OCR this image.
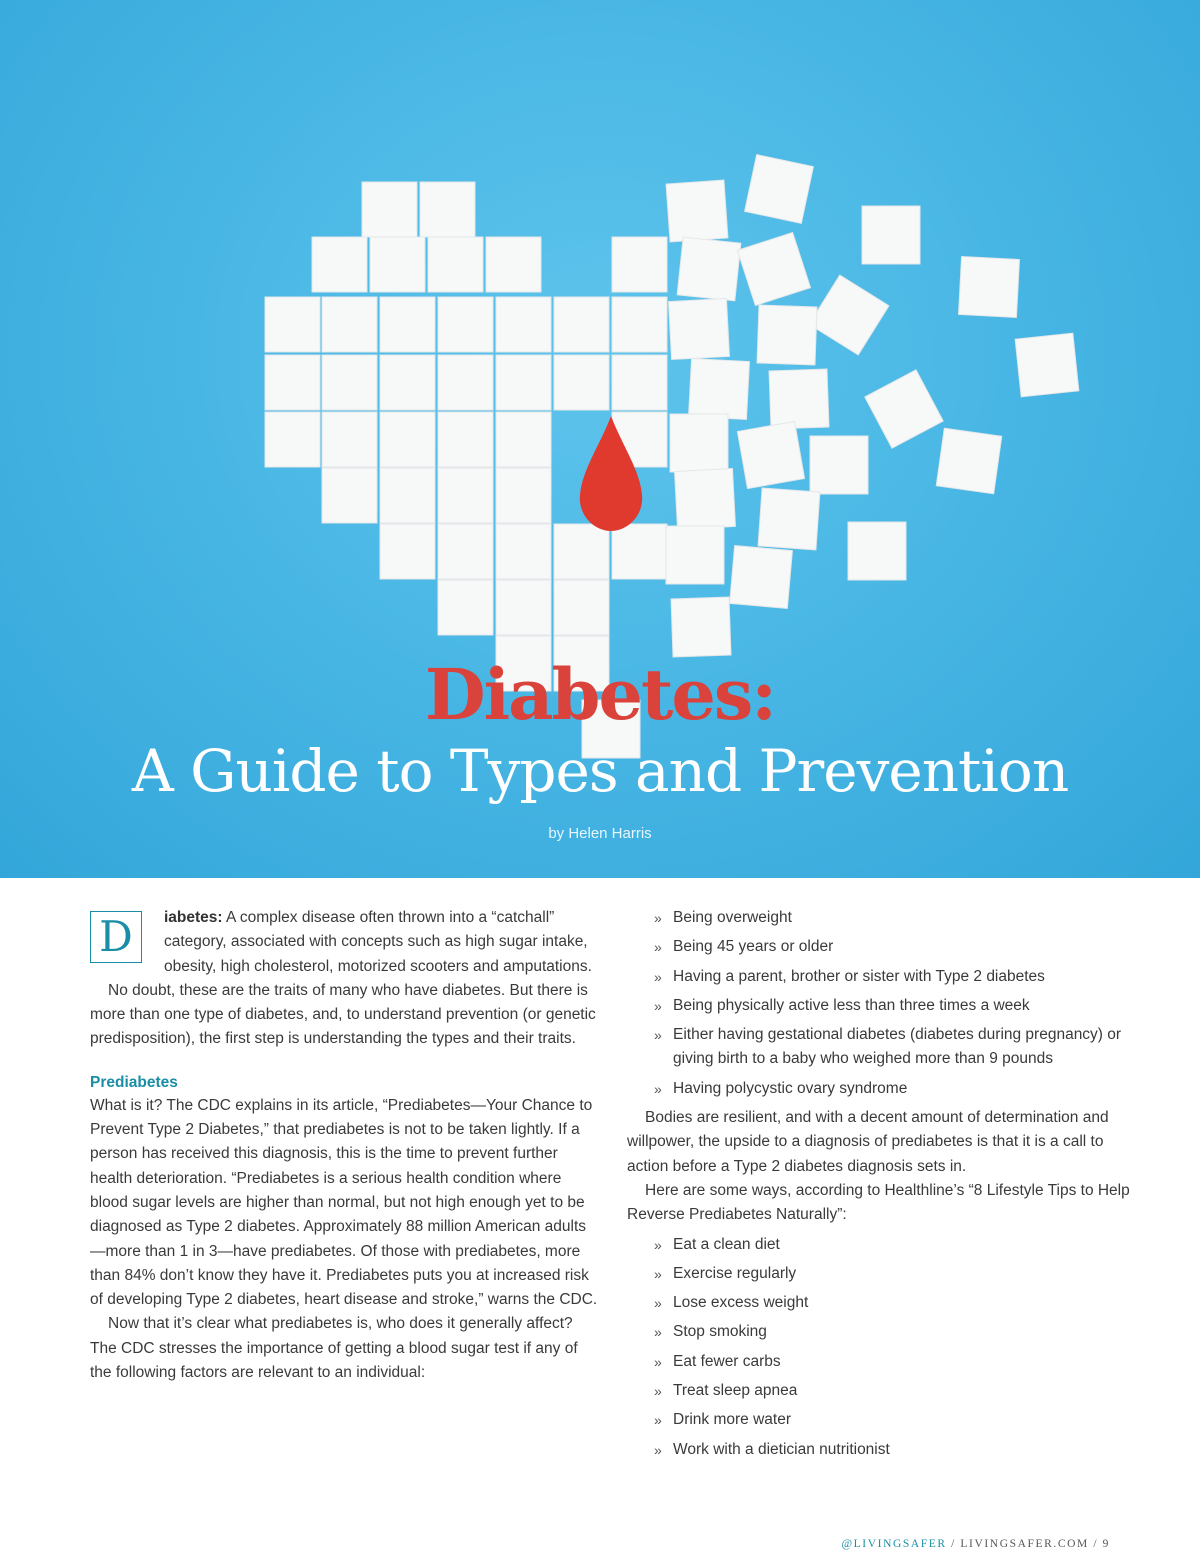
Diabetes:
A Guide to Types and Prevention
by Helen Harris

D	iabetes: A complex disease often thrown into a “catchall” category, associated with concepts such as high sugar intake, obesity, high cholesterol, motorized scooters and amputations.

No doubt, these are the traits of many who have diabetes. But there is more than one type of diabetes, and, to understand prevention (or genetic predisposition), the first step is understanding the types and their traits.

Prediabetes

What is it? The CDC explains in its article, “Prediabetes—Your Chance to Prevent Type 2 Diabetes,” that prediabetes is not to be taken lightly. If a person has received this diagnosis, this is the time to prevent further health deterioration. “Prediabetes is a serious health condition where blood sugar levels are higher than normal, but not high enough yet to be diagnosed as Type 2 diabetes. Approximately 88 million American adults—more than 1 in 3—have prediabetes. Of those with prediabetes, more than 84% don’t know they have it. Prediabetes puts you at increased risk of developing Type 2 diabetes, heart disease and stroke,” warns the CDC.

Now that it’s clear what prediabetes is, who does it generally affect? The CDC stresses the importance of getting a blood sugar test if any of the following factors are relevant to an individual:

» Being overweight
» Being 45 years or older
» Having a parent, brother or sister with Type 2 diabetes
» Being physically active less than three times a week
» Either having gestational diabetes (diabetes during pregnancy) or giving birth to a baby who weighed more than 9 pounds
» Having polycystic ovary syndrome

Bodies are resilient, and with a decent amount of determination and willpower, the upside to a diagnosis of prediabetes is that it is a call to action before a Type 2 diabetes diagnosis sets in.

Here are some ways, according to Healthline’s “8 Lifestyle Tips to Help Reverse Prediabetes Naturally”:

» Eat a clean diet
» Exercise regularly
» Lose excess weight
» Stop smoking
» Eat fewer carbs
» Treat sleep apnea
» Drink more water
» Work with a dietician nutritionist
@LIVINGSAFER / LIVINGSAFER.COM / 9
